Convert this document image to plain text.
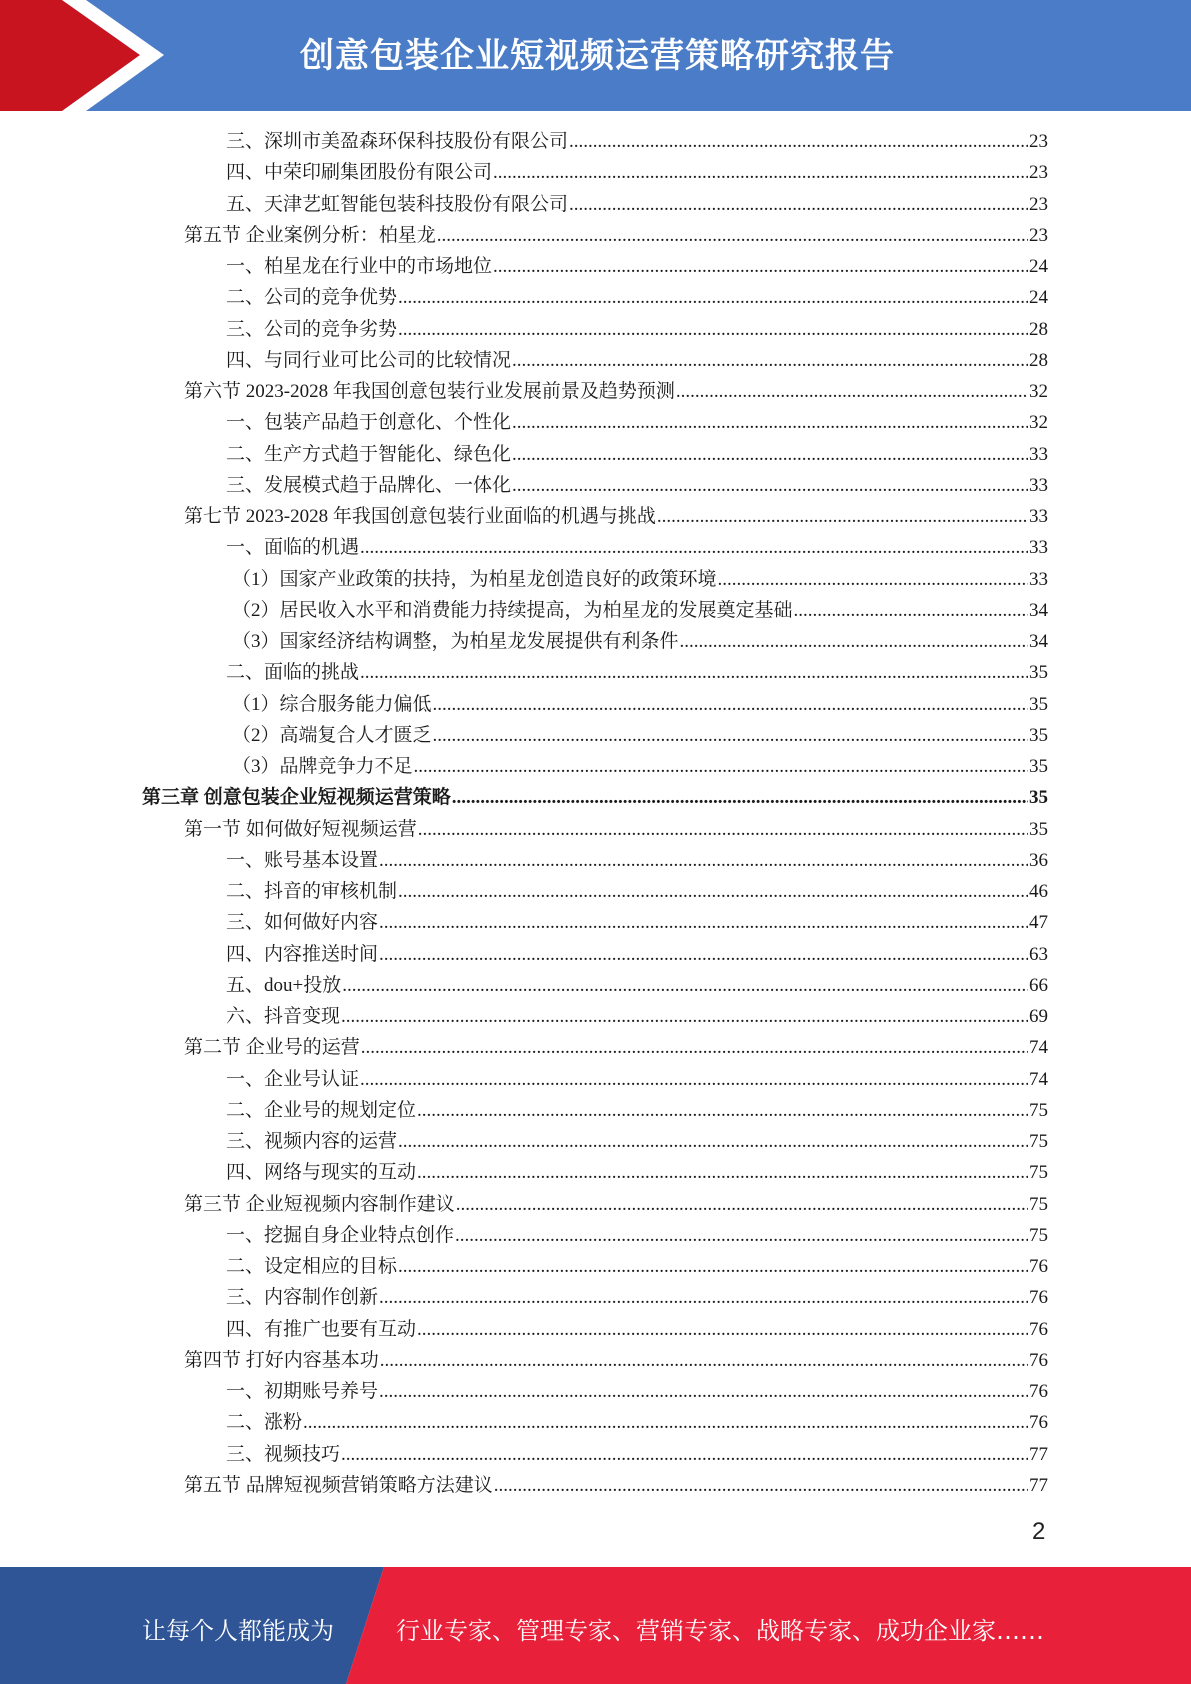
创意包装企业短视频运营策略研究报告
三、深圳市美盈森环保科技股份有限公司 .....	23
四、中荣印刷集团股份有限公司 .....	23
五、天津艺虹智能包装科技股份有限公司 .....	23
第五节 企业案例分析：柏星龙 .....	23
一、柏星龙在行业中的市场地位 .....	24
二、公司的竞争优势 .....	24
三、公司的竞争劣势 .....	28
四、与同行业可比公司的比较情况 .....	28
第六节 2023-2028 年我国创意包装行业发展前景及趋势预测 .....	32
一、包装产品趋于创意化、个性化 .....	32
二、生产方式趋于智能化、绿色化 .....	33
三、发展模式趋于品牌化、一体化 .....	33
第七节 2023-2028 年我国创意包装行业面临的机遇与挑战 .....	33
一、面临的机遇 .....	33
（1）国家产业政策的扶持，为柏星龙创造良好的政策环境 .....	33
（2）居民收入水平和消费能力持续提高，为柏星龙的发展奠定基础 .....	34
（3）国家经济结构调整，为柏星龙发展提供有利条件 .....	34
二、面临的挑战 .....	35
（1）综合服务能力偏低 .....	35
（2）高端复合人才匮乏 .....	35
（3）品牌竞争力不足 .....	35
第三章 创意包装企业短视频运营策略 .....	35
第一节 如何做好短视频运营 .....	35
一、账号基本设置 .....	36
二、抖音的审核机制 .....	46
三、如何做好内容 .....	47
四、内容推送时间 .....	63
五、dou+投放 .....	66
六、抖音变现 .....	69
第二节 企业号的运营 .....	74
一、企业号认证 .....	74
二、企业号的规划定位 .....	75
三、视频内容的运营 .....	75
四、网络与现实的互动 .....	75
第三节 企业短视频内容制作建议 .....	75
一、挖掘自身企业特点创作 .....	75
二、设定相应的目标 .....	76
三、内容制作创新 .....	76
四、有推广也要有互动 .....	76
第四节 打好内容基本功 .....	76
一、初期账号养号 .....	76
二、涨粉 .....	76
三、视频技巧 .....	77
第五节 品牌短视频营销策略方法建议 .....	77
2
让每个人都能成为	行业专家、管理专家、营销专家、战略专家、成功企业家……
